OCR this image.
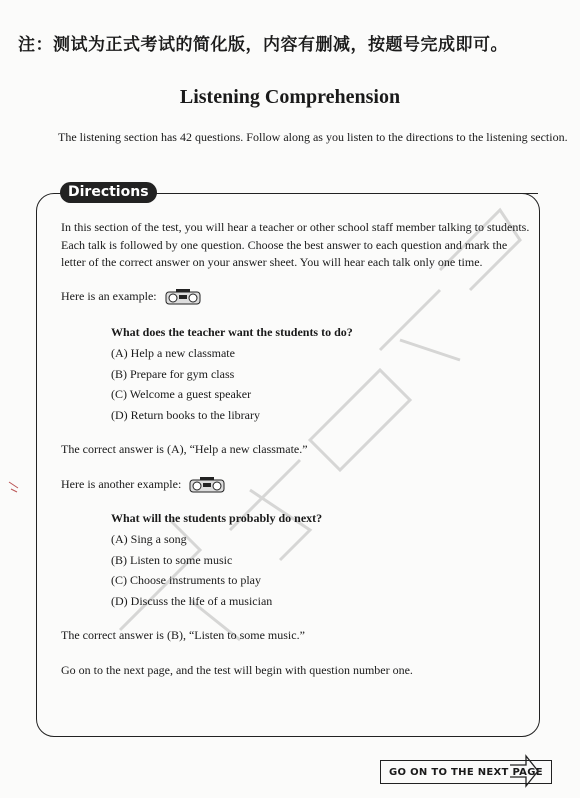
注：测试为正式考试的简化版，内容有删减，按题号完成即可。
Listening Comprehension
The listening section has 42 questions. Follow along as you listen to the directions to the listening section.
Directions
In this section of the test, you will hear a teacher or other school staff member talking to students. Each talk is followed by one question. Choose the best answer to each question and mark the letter of the correct answer on your answer sheet. You will hear each talk only one time.
Here is an example:
What does the teacher want the students to do?
(A) Help a new classmate
(B) Prepare for gym class
(C) Welcome a guest speaker
(D) Return books to the library
The correct answer is (A), “Help a new classmate.”
Here is another example:
What will the students probably do next?
(A) Sing a song
(B) Listen to some music
(C) Choose instruments to play
(D) Discuss the life of a musician
The correct answer is (B), “Listen to some music.”
Go on to the next page, and the test will begin with question number one.
GO ON TO THE NEXT PAGE
